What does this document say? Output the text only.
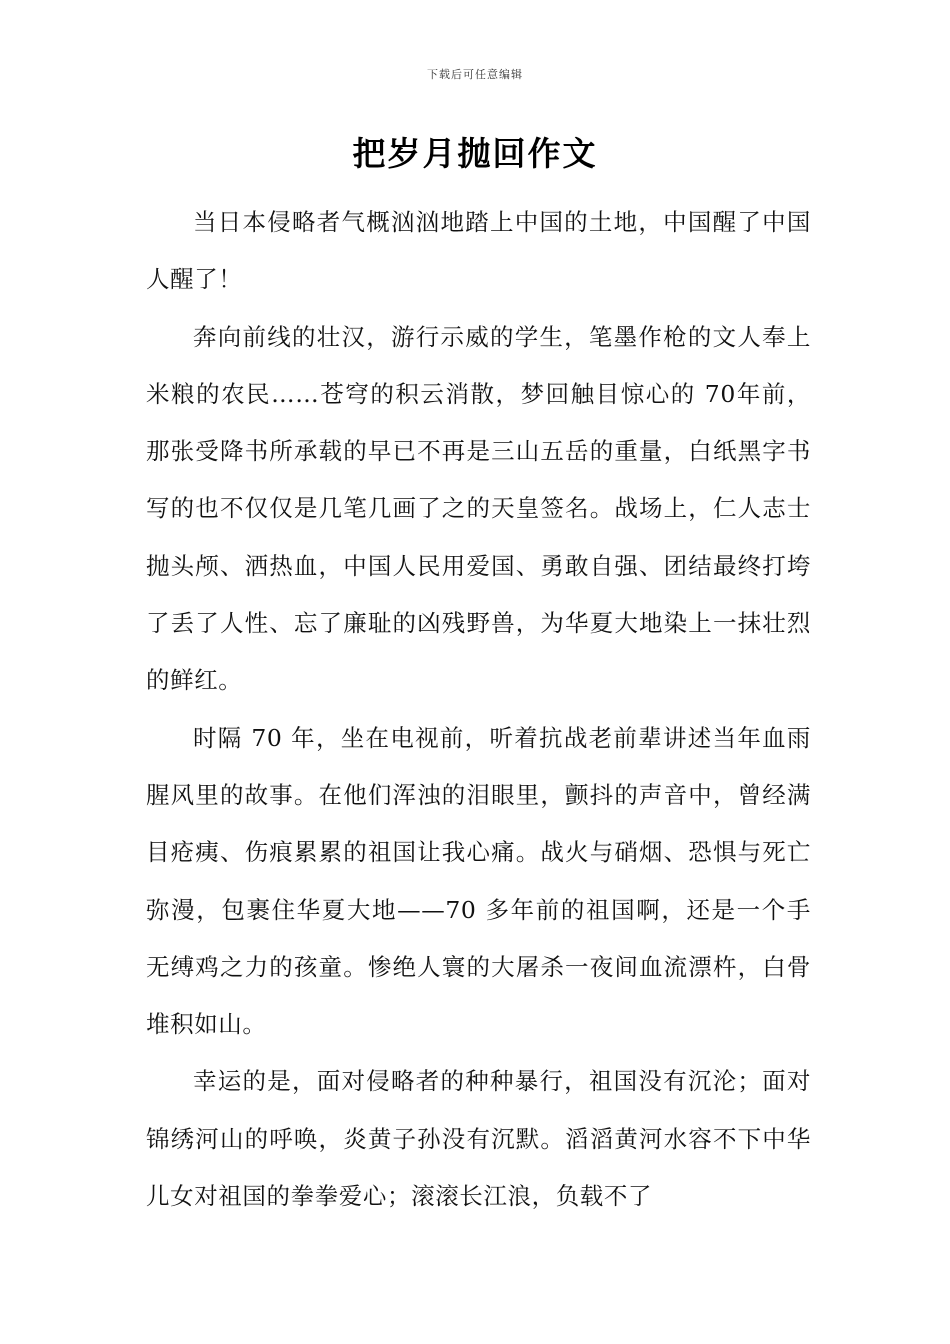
下载后可任意编辑
把岁月抛回作文

当日本侵略者气概汹汹地踏上中国的土地，中国醒了中国人醒了！

奔向前线的壮汉，游行示威的学生，笔墨作枪的文人奉上米粮的农民……苍穹的积云消散，梦回触目惊心的 70年前，那张受降书所承载的早已不再是三山五岳的重量，白纸黑字书写的也不仅仅是几笔几画了之的天皇签名。战场上，仁人志士抛头颅、洒热血，中国人民用爱国、勇敢自强、团结最终打垮了丢了人性、忘了廉耻的凶残野兽，为华夏大地染上一抹壮烈的鲜红。

时隔 70 年，坐在电视前，听着抗战老前辈讲述当年血雨腥风里的故事。在他们浑浊的泪眼里，颤抖的声音中，曾经满目疮痍、伤痕累累的祖国让我心痛。战火与硝烟、恐惧与死亡弥漫，包裹住华夏大地——70 多年前的祖国啊，还是一个手无缚鸡之力的孩童。惨绝人寰的大屠杀一夜间血流漂杵，白骨堆积如山。

幸运的是，面对侵略者的种种暴行，祖国没有沉沦；面对锦绣河山的呼唤，炎黄子孙没有沉默。滔滔黄河水容不下中华儿女对祖国的拳拳爱心；滚滚长江浪，负载不了
